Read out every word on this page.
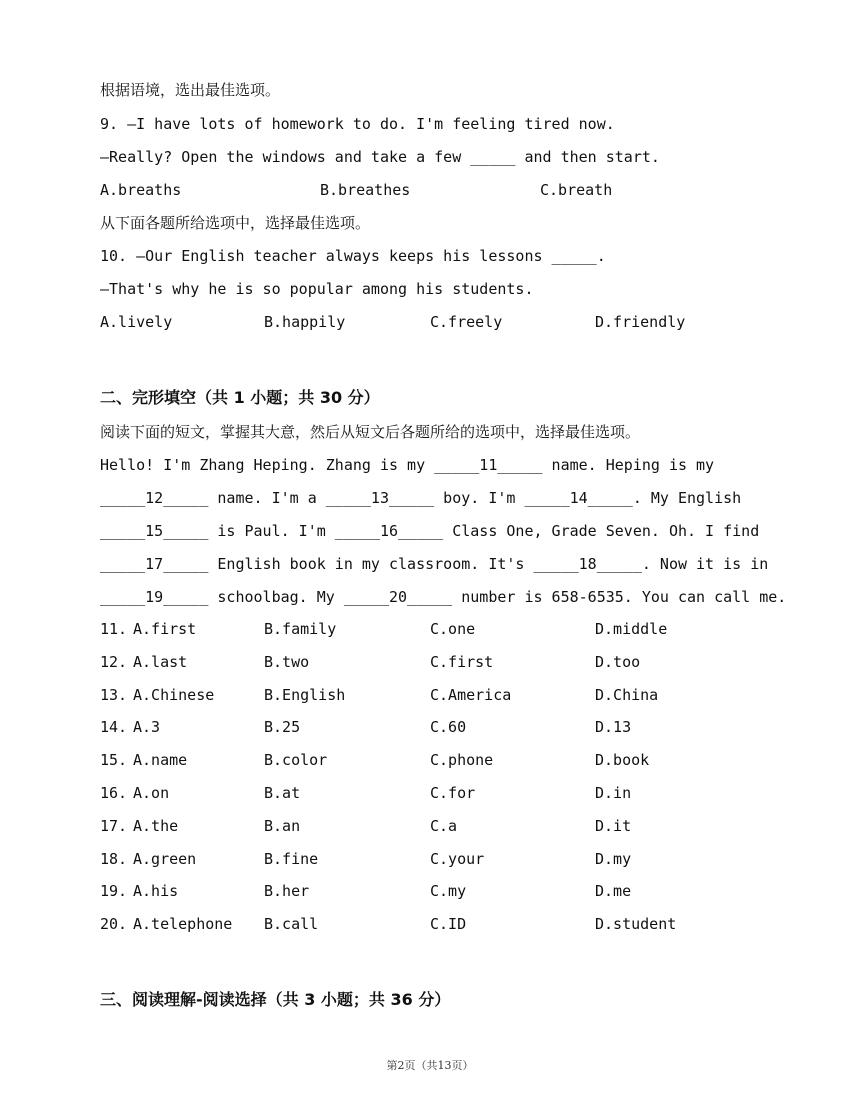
根据语境，选出最佳选项。
9. —I have lots of homework to do. I'm feeling tired now.
—Really? Open the windows and take a few _____ and then start.
A.breaths	B.breathes	C.breath
从下面各题所给选项中，选择最佳选项。
10. —Our English teacher always keeps his lessons _____.
—That's why he is so popular among his students.
A.lively	B.happily	C.freely	D.friendly
二、完形填空（共 1 小题；共 30 分）
阅读下面的短文，掌握其大意，然后从短文后各题所给的选项中，选择最佳选项。
Hello! I'm Zhang Heping. Zhang is my _____11_____ name. Heping is my
_____12_____ name. I'm a _____13_____ boy. I'm _____14_____. My English
_____15_____ is Paul. I'm _____16_____ Class One, Grade Seven. Oh. I find
_____17_____ English book in my classroom. It's _____18_____. Now it is in
_____19_____ schoolbag. My _____20_____ number is 658-6535. You can call me.
11. A.first	B.family	C.one	D.middle
12. A.last	B.two	C.first	D.too
13. A.Chinese	B.English	C.America	D.China
14. A.3	B.25	C.60	D.13
15. A.name	B.color	C.phone	D.book
16. A.on	B.at	C.for	D.in
17. A.the	B.an	C.a	D.it
18. A.green	B.fine	C.your	D.my
19. A.his	B.her	C.my	D.me
20. A.telephone B.call	C.ID	D.student
三、阅读理解-阅读选择（共 3 小题；共 36 分）
第2页（共13页）
